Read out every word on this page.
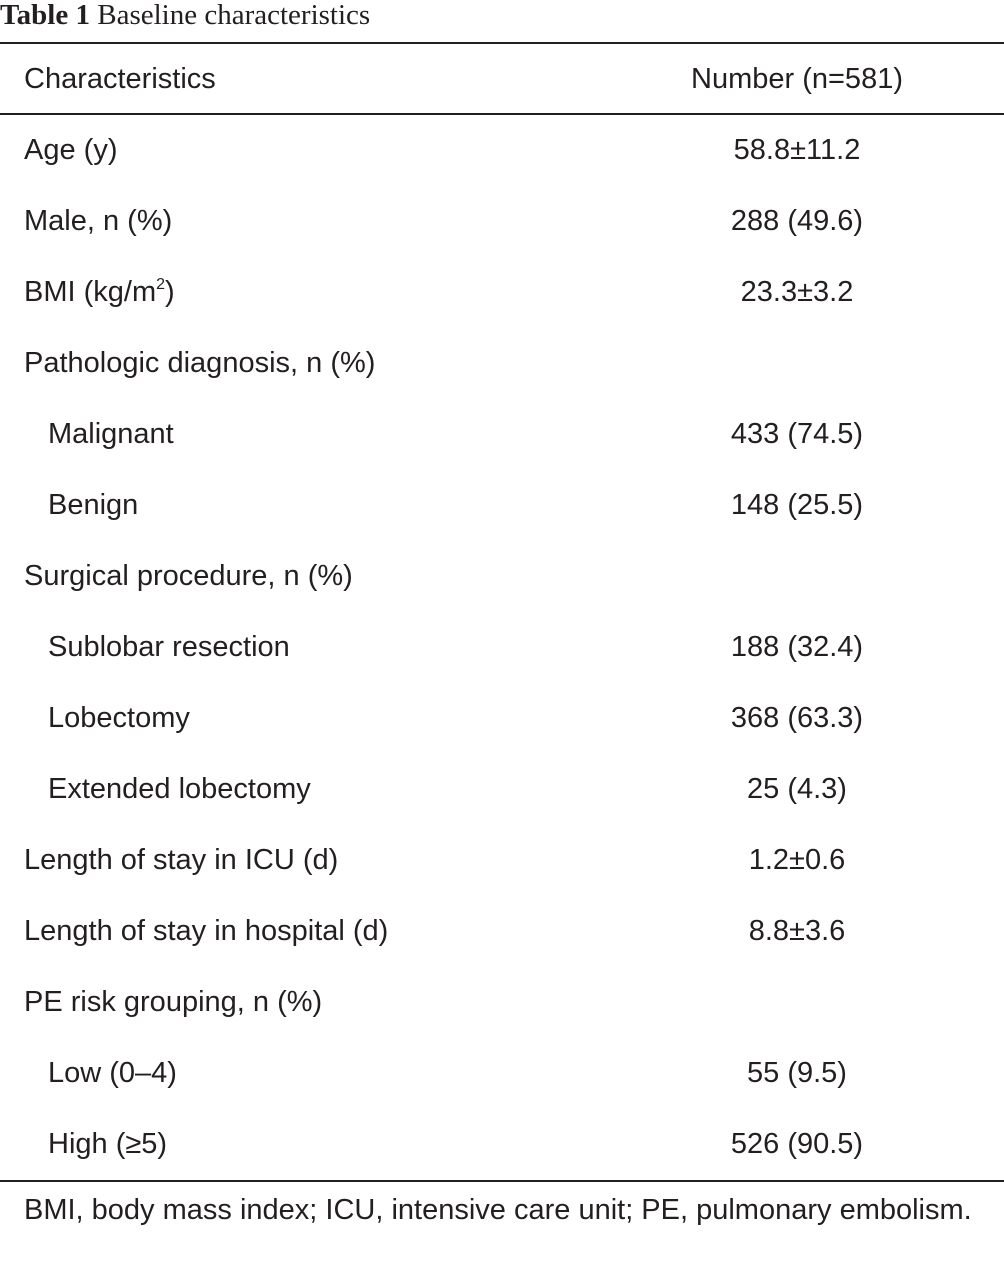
Table 1 Baseline characteristics
Characteristics	Number (n=581)
Age (y)	58.8±11.2
Male, n (%)	288 (49.6)
BMI $(kg/m^2)$	23.3±3.2
Pathologic diagnosis, n (%)
Malignant	433 (74.5)
Benign	148 (25.5)
Surgical procedure, n (%)
Sublobar resection	188 (32.4)
Lobectomy	368 (63.3)
Extended lobectomy	25 (4.3)
Length of stay in ICU (d)	1.2±0.6
Length of stay in hospital (d)	8.8±3.6
PE risk grouping, n (%)
Low (0–4)	55 (9.5)
High (≥5)	526 (90.5)
BMI, body mass index; ICU, intensive care unit; PE, pulmonary embolism.
